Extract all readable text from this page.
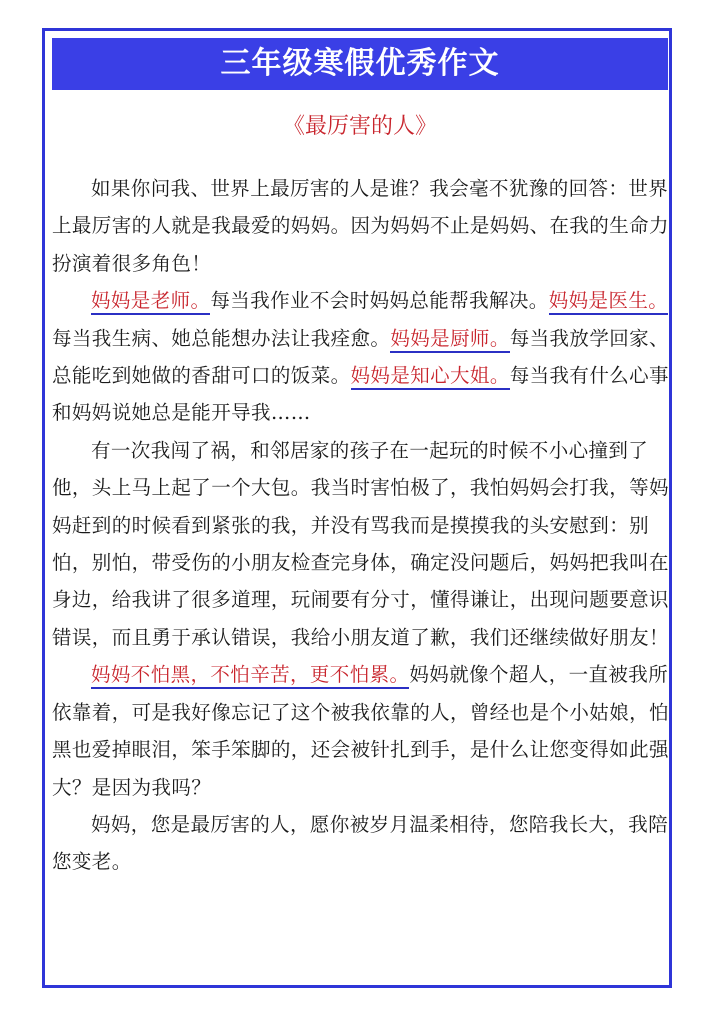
三年级寒假优秀作文
《最厉害的人》

如果你问我、世界上最厉害的人是谁？我会毫不犹豫的回答：世界上最厉害的人就是我最爱的妈妈。因为妈妈不止是妈妈、在我的生命力扮演着很多角色！

妈妈是老师。每当我作业不会时妈妈总能帮我解决。妈妈是医生。每当我生病、她总能想办法让我痊愈。妈妈是厨师。每当我放学回家、总能吃到她做的香甜可口的饭菜。妈妈是知心大姐。每当我有什么心事和妈妈说她总是能开导我……

有一次我闯了祸，和邻居家的孩子在一起玩的时候不小心撞到了他，头上马上起了一个大包。我当时害怕极了，我怕妈妈会打我，等妈妈赶到的时候看到紧张的我，并没有骂我而是摸摸我的头安慰到：别怕，别怕，带受伤的小朋友检查完身体，确定没问题后，妈妈把我叫在身边，给我讲了很多道理，玩闹要有分寸，懂得谦让，出现问题要意识错误，而且勇于承认错误，我给小朋友道了歉，我们还继续做好朋友！

妈妈不怕黑，不怕辛苦，更不怕累。妈妈就像个超人，一直被我所依靠着，可是我好像忘记了这个被我依靠的人，曾经也是个小姑娘，怕黑也爱掉眼泪，笨手笨脚的，还会被针扎到手，是什么让您变得如此强大？是因为我吗？

妈妈，您是最厉害的人，愿你被岁月温柔相待，您陪我长大，我陪您变老。
